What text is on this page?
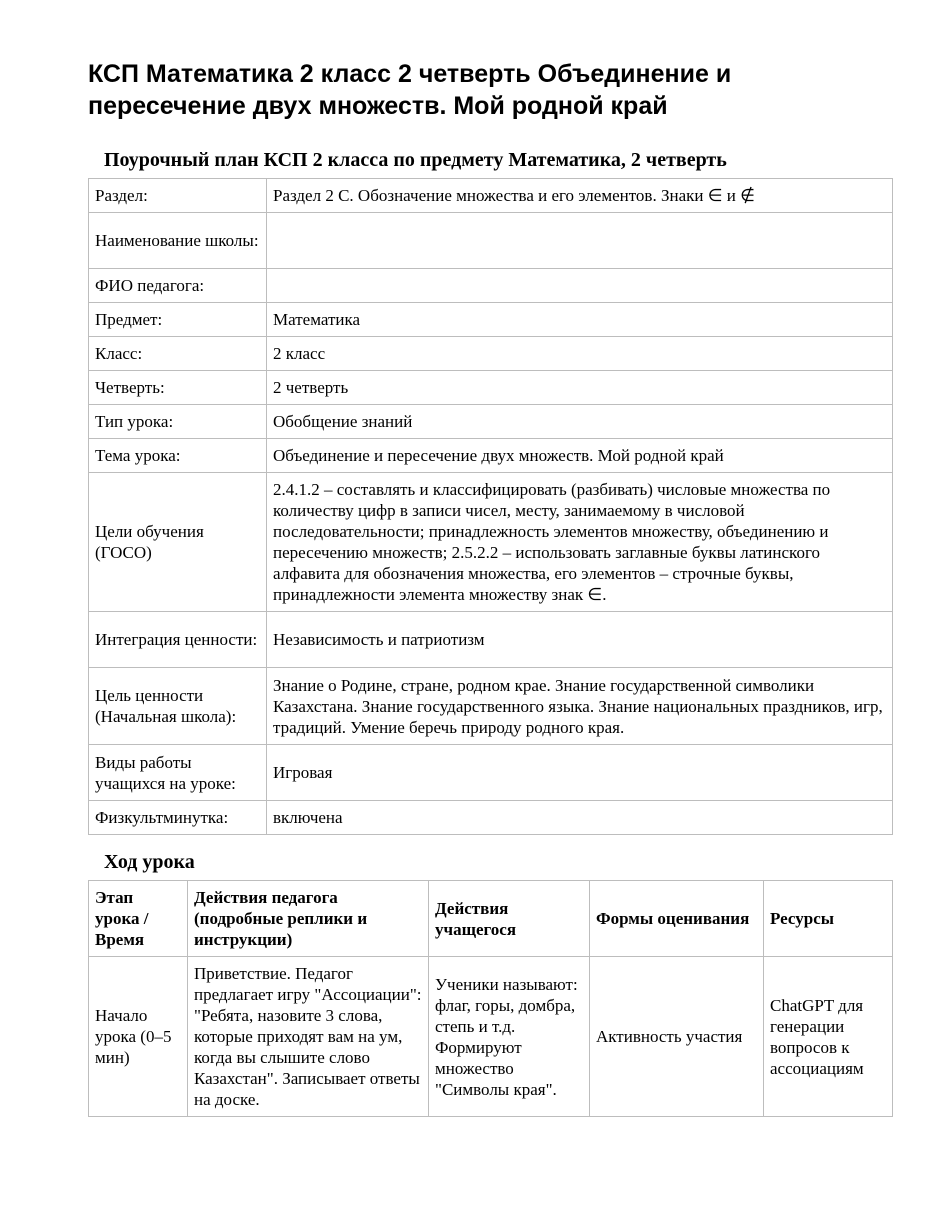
КСП Математика 2 класс 2 четверть Объединение и пересечение двух множеств. Мой родной край
Поурочный план КСП 2 класса по предмету Математика, 2 четверть
Раздел:	Раздел 2 C. Обозначение множества и его элементов. Знаки ∈ и ∉
Наименование школы:	
ФИО педагога:	
Предмет:	Математика
Класс:	2 класс
Четверть:	2 четверть
Тип урока:	Обобщение знаний
Тема урока:	Объединение и пересечение двух множеств. Мой родной край
Цели обучения (ГОСО)	2.4.1.2 – составлять и классифицировать (разбивать) числовые множества по количеству цифр в записи чисел, месту, занимаемому в числовой последовательности; принадлежность элементов множеству, объединению и пересечению множеств; 2.5.2.2 – использовать заглавные буквы латинского алфавита для обозначения множества, его элементов – строчные буквы, принадлежности элемента множеству знак ∈.
Интеграция ценности:	Независимость и патриотизм
Цель ценности (Начальная школа):	Знание о Родине, стране, родном крае. Знание государственной символики Казахстана. Знание государственного языка. Знание национальных праздников, игр, традиций. Умение беречь природу родного края.
Виды работы учащихся на уроке:	Игровая
Физкультминутка:	включена
Ход урока
Этап урока / Время	Действия педагога (подробные реплики и инструкции)	Действия учащегося	Формы оценивания	Ресурсы
Начало урока (0–5 мин)	Приветствие. Педагог предлагает игру "Ассоциации": "Ребята, назовите 3 слова, которые приходят вам на ум, когда вы слышите слово Казахстан". Записывает ответы на доске.	Ученики называют: флаг, горы, домбра, степь и т.д. Формируют множество "Символы края".	Активность участия	ChatGPT для генерации вопросов к ассоциациям
